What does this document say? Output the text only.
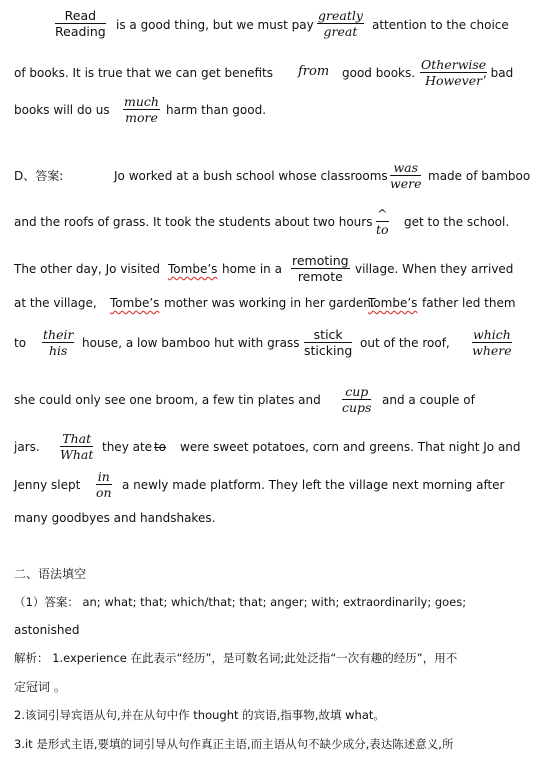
Read
Reading is a good thing, but we must pay
greatly
great attention to the choice
of books. It is true that we can get benefits from good books.
Otherwise
However , bad
books will do us
much
more harm than good.
D、答案:	Jo worked at a bush school whose classrooms
was
were made of bamboo
and the roofs of grass. It took the students about two hours
^
to get to the school.
The other day, Jo visited Tombe’s home in a
remoting
remote village. When they arrived
at the village, Tombe’s mother was working in her garden.
Tombe’s father led them
to
their
his house, a low bamboo hut with grass
stick
sticking out of the roof,
which
where
she could only see one broom, a few tin plates and
cup
cups and a couple of
jars.
That
What they ate to were sweet potatoes, corn and greens. That night Jo and
Jenny slept
in
on a newly made platform. They left the village next morning after
many goodbyes and handshakes.
二、语法填空
（1）答案： an; what; that; which/that; that; anger; with; extraordinarily; goes;
astonished
解析： 1.experience 在此表示“经历”，是可数名词;此处泛指“一次有趣的经历”，用不
定冠词 。
2.该词引导宾语从句,并在从句中作 thought 的宾语,指事物,故填 what。
3.it 是形式主语,要填的词引导从句作真正主语,而主语从句不缺少成分,表达陈述意义,所
